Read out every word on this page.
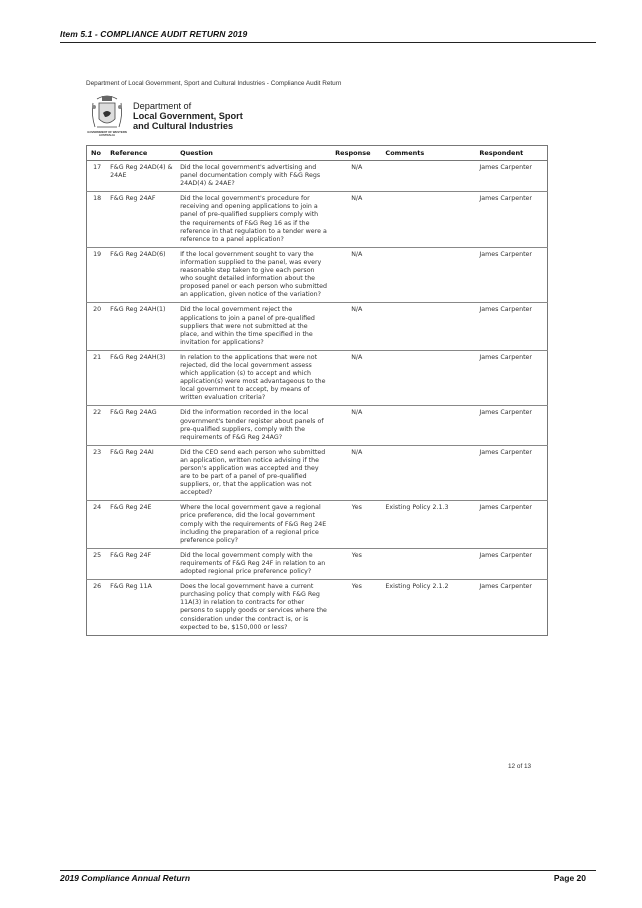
Item 5.1 - COMPLIANCE AUDIT RETURN 2019
Department of Local Government, Sport and Cultural Industries - Compliance Audit Return
GOVERNMENT OF WESTERN AUSTRALIA
Department of
Local Government, Sport
and Cultural Industries
No	Reference	Question	Response	Comments	Respondent
17	F&G Reg 24AD(4) & 24AE	Did the local government's advertising and panel documentation comply with F&G Regs 24AD(4) & 24AE?	N/A		James Carpenter
18	F&G Reg 24AF	Did the local government's procedure for receiving and opening applications to join a panel of pre-qualified suppliers comply with the requirements of F&G Reg 16 as if the reference in that regulation to a tender were a reference to a panel application?	N/A		James Carpenter
19	F&G Reg 24AD(6)	If the local government sought to vary the information supplied to the panel, was every reasonable step taken to give each person who sought detailed information about the proposed panel or each person who submitted an application, given notice of the variation?	N/A		James Carpenter
20	F&G Reg 24AH(1)	Did the local government reject the applications to join a panel of pre-qualified suppliers that were not submitted at the place, and within the time specified in the invitation for applications?	N/A		James Carpenter
21	F&G Reg 24AH(3)	In relation to the applications that were not rejected, did the local government assess which application (s) to accept and which application(s) were most advantageous to the local government to accept, by means of written evaluation criteria?	N/A		James Carpenter
22	F&G Reg 24AG	Did the information recorded in the local government's tender register about panels of pre-qualified suppliers, comply with the requirements of F&G Reg 24AG?	N/A		James Carpenter
23	F&G Reg 24AI	Did the CEO send each person who submitted an application, written notice advising if the person's application was accepted and they are to be part of a panel of pre-qualified suppliers, or, that the application was not accepted?	N/A		James Carpenter
24	F&G Reg 24E	Where the local government gave a regional price preference, did the local government comply with the requirements of F&G Reg 24E including the preparation of a regional price preference policy?	Yes	Existing Policy 2.1.3	James Carpenter
25	F&G Reg 24F	Did the local government comply with the requirements of F&G Reg 24F in relation to an adopted regional price preference policy?	Yes		James Carpenter
26	F&G Reg 11A	Does the local government have a current purchasing policy that comply with F&G Reg 11A(3) in relation to contracts for other persons to supply goods or services where the consideration under the contract is, or is expected to be, $150,000 or less?	Yes	Existing Policy 2.1.2	James Carpenter
12 of 13
2019 Compliance Annual Return	Page 20
